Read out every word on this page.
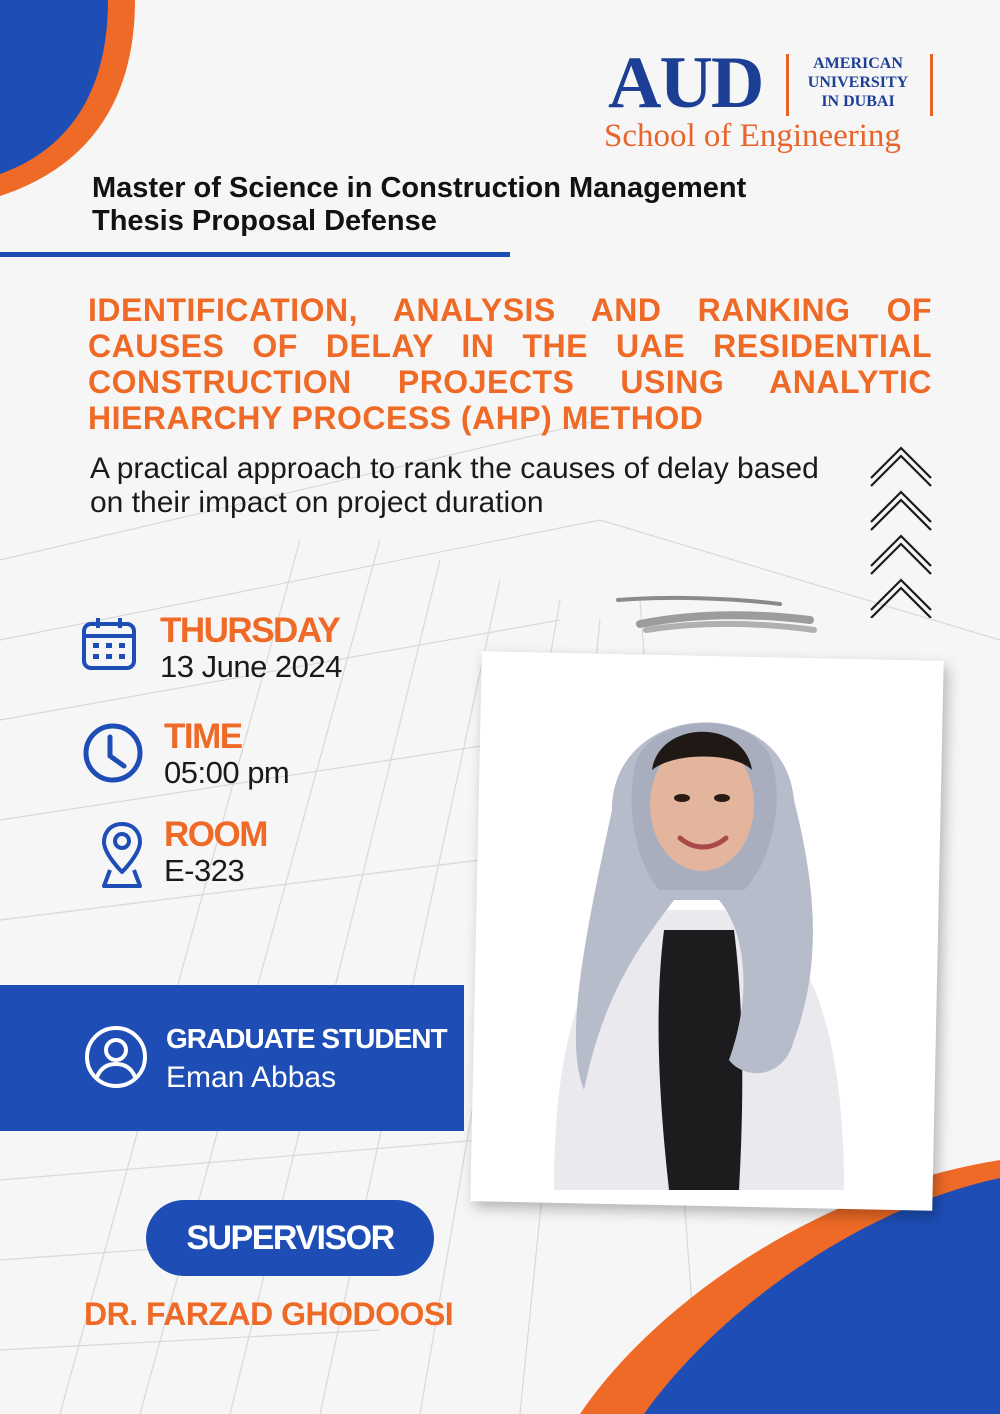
AUD	AMERICAN
UNIVERSITY
IN DUBAI
School of Engineering
Master of Science in Construction Management
Thesis Proposal Defense
IDENTIFICATION, ANALYSIS AND RANKING OF CAUSES OF DELAY IN THE UAE RESIDENTIAL CONSTRUCTION PROJECTS USING ANALYTIC HIERARCHY PROCESS (AHP) METHOD
A practical approach to rank the causes of delay based on their impact on project duration
THURSDAY
13 June 2024
TIME
05:00 pm
ROOM
E-323
GRADUATE STUDENT
Eman Abbas
SUPERVISOR
DR. FARZAD GHODOOSI
